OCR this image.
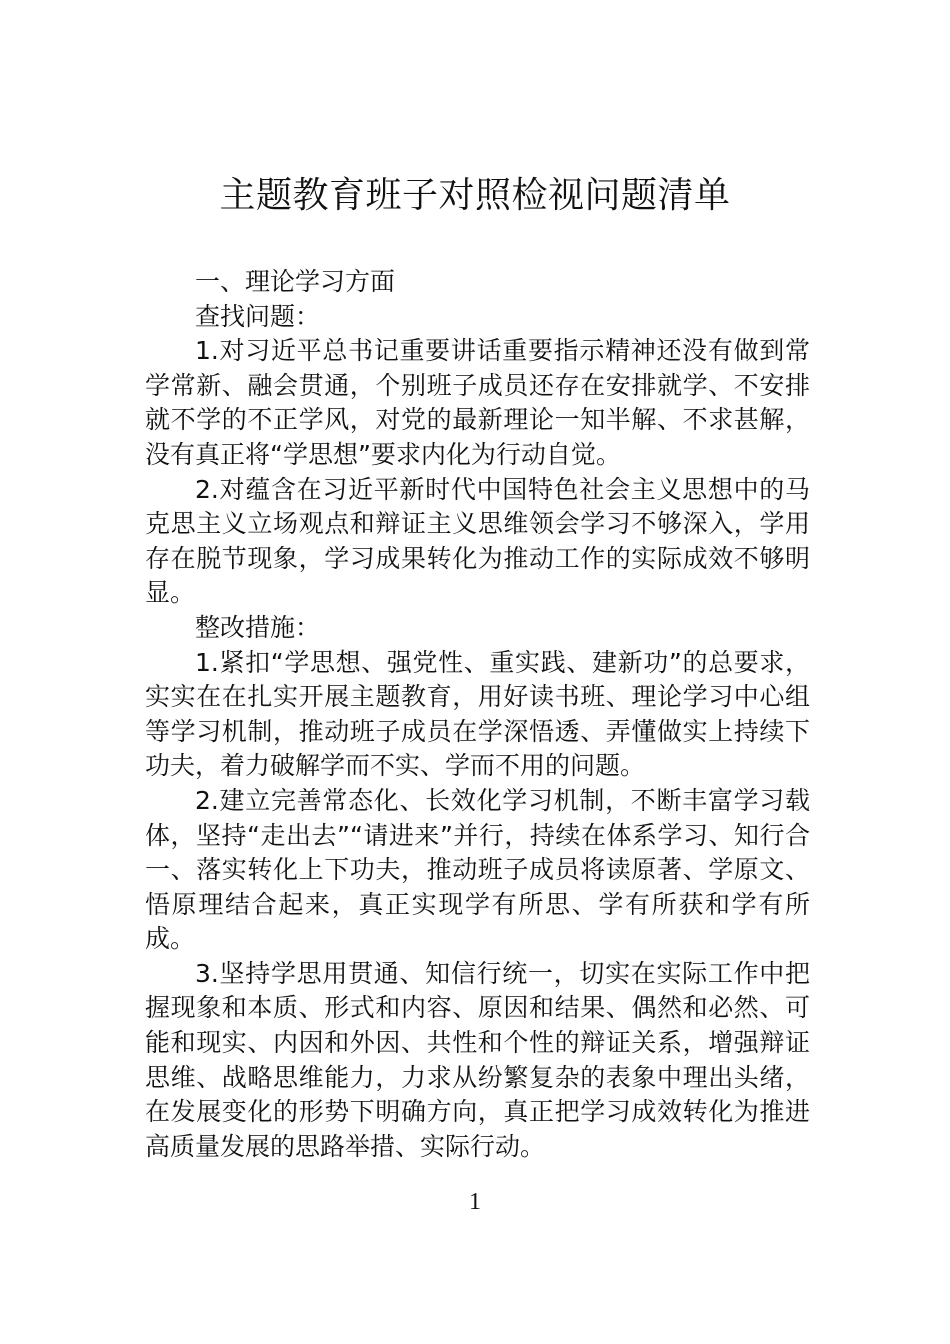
主题教育班子对照检视问题清单

一、理论学习方面

查找问题：

1.对习近平总书记重要讲话重要指示精神还没有做到常学常新、融会贯通，个别班子成员还存在安排就学、不安排就不学的不正学风，对党的最新理论一知半解、不求甚解，没有真正将“学思想”要求内化为行动自觉。

2.对蕴含在习近平新时代中国特色社会主义思想中的马克思主义立场观点和辩证主义思维领会学习不够深入，学用存在脱节现象，学习成果转化为推动工作的实际成效不够明显。

整改措施：

1.紧扣“学思想、强党性、重实践、建新功”的总要求，实实在在扎实开展主题教育，用好读书班、理论学习中心组等学习机制，推动班子成员在学深悟透、弄懂做实上持续下功夫，着力破解学而不实、学而不用的问题。

2.建立完善常态化、长效化学习机制，不断丰富学习载体，坚持“走出去”“请进来”并行，持续在体系学习、知行合一、落实转化上下功夫，推动班子成员将读原著、学原文、悟原理结合起来，真正实现学有所思、学有所获和学有所成。

3.坚持学思用贯通、知信行统一，切实在实际工作中把握现象和本质、形式和内容、原因和结果、偶然和必然、可能和现实、内因和外因、共性和个性的辩证关系，增强辩证思维、战略思维能力，力求从纷繁复杂的表象中理出头绪，在发展变化的形势下明确方向，真正把学习成效转化为推进高质量发展的思路举措、实际行动。

1
